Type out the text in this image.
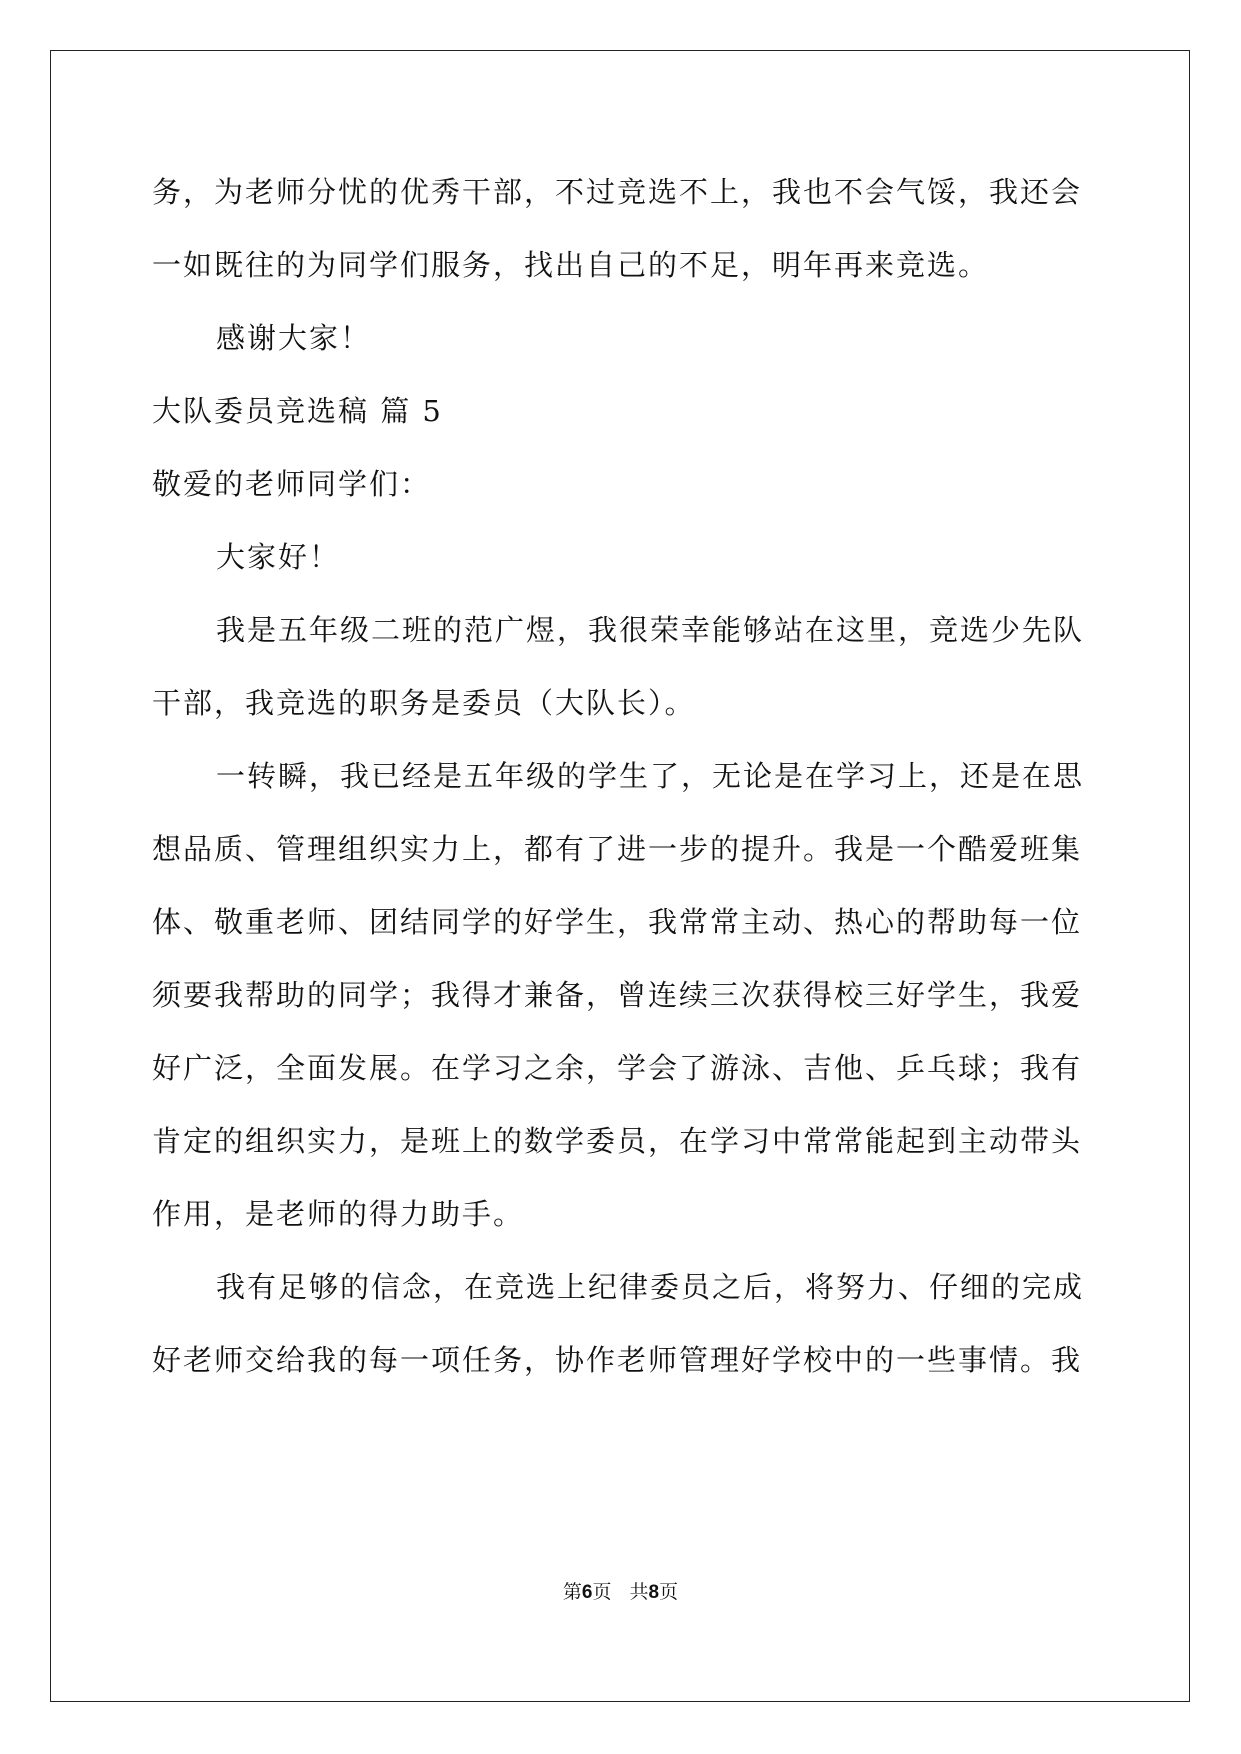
务，为老师分忧的优秀干部，不过竞选不上，我也不会气馁，我还会
一如既往的为同学们服务，找出自己的不足，明年再来竞选。
感谢大家！
大队委员竞选稿 篇 5
敬爱的老师同学们：
大家好！
我是五年级二班的范广煜，我很荣幸能够站在这里，竞选少先队
干部，我竞选的职务是委员（大队长）。
一转瞬，我已经是五年级的学生了，无论是在学习上，还是在思
想品质、管理组织实力上，都有了进一步的提升。我是一个酷爱班集
体、敬重老师、团结同学的好学生，我常常主动、热心的帮助每一位
须要我帮助的同学；我得才兼备，曾连续三次获得校三好学生，我爱
好广泛，全面发展。在学习之余，学会了游泳、吉他、乒乓球；我有
肯定的组织实力，是班上的数学委员，在学习中常常能起到主动带头
作用，是老师的得力助手。
我有足够的信念，在竞选上纪律委员之后，将努力、仔细的完成
好老师交给我的每一项任务，协作老师管理好学校中的一些事情。我
第6页 共8页
